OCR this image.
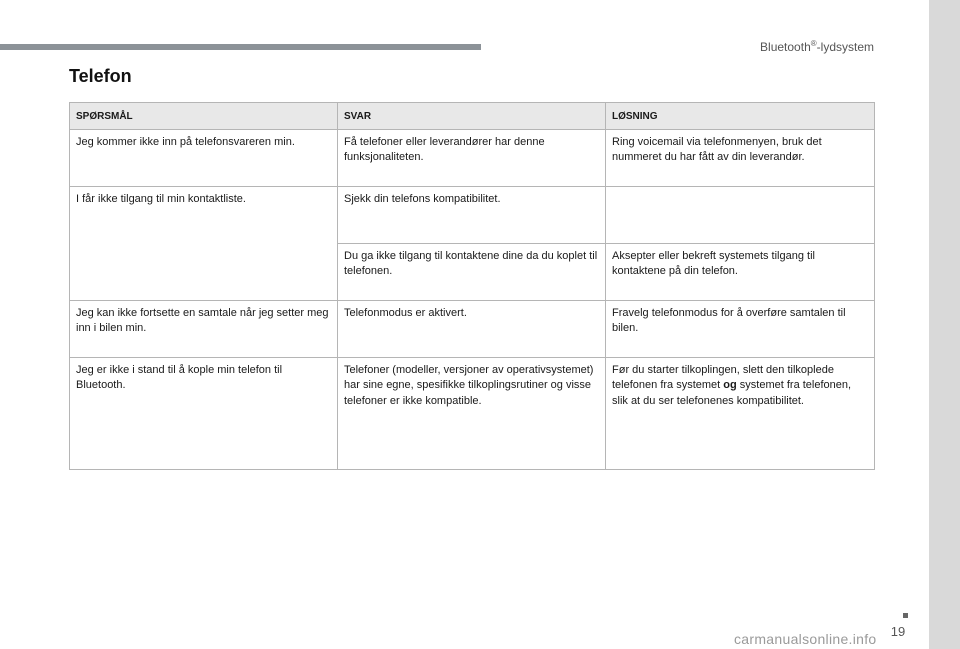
Bluetooth®-lydsystem
Telefon
SPØRSMÅL	SVAR	LØSNING
Jeg kommer ikke inn på telefonsvareren min.	Få telefoner eller leverandører har denne funksjonaliteten.	Ring voicemail via telefonmenyen, bruk det nummeret du har fått av din leverandør.
I får ikke tilgang til min kontaktliste.	Sjekk din telefons kompatibilitet.	
	Du ga ikke tilgang til kontaktene dine da du koplet til telefonen.	Aksepter eller bekreft systemets tilgang til kontaktene på din telefon.
Jeg kan ikke fortsette en samtale når jeg setter meg inn i bilen min.	Telefonmodus er aktivert.	Fravelg telefonmodus for å overføre samtalen til bilen.
Jeg er ikke i stand til å kople min telefon til Bluetooth.	Telefoner (modeller, versjoner av operativsystemet) har sine egne, spesifikke tilkoplingsrutiner og visse telefoner er ikke kompatible.	Før du starter tilkoplingen, slett den tilkoplede telefonen fra systemet og systemet fra telefonen, slik at du ser telefonenes kompatibilitet.
19
carmanualsonline.info
